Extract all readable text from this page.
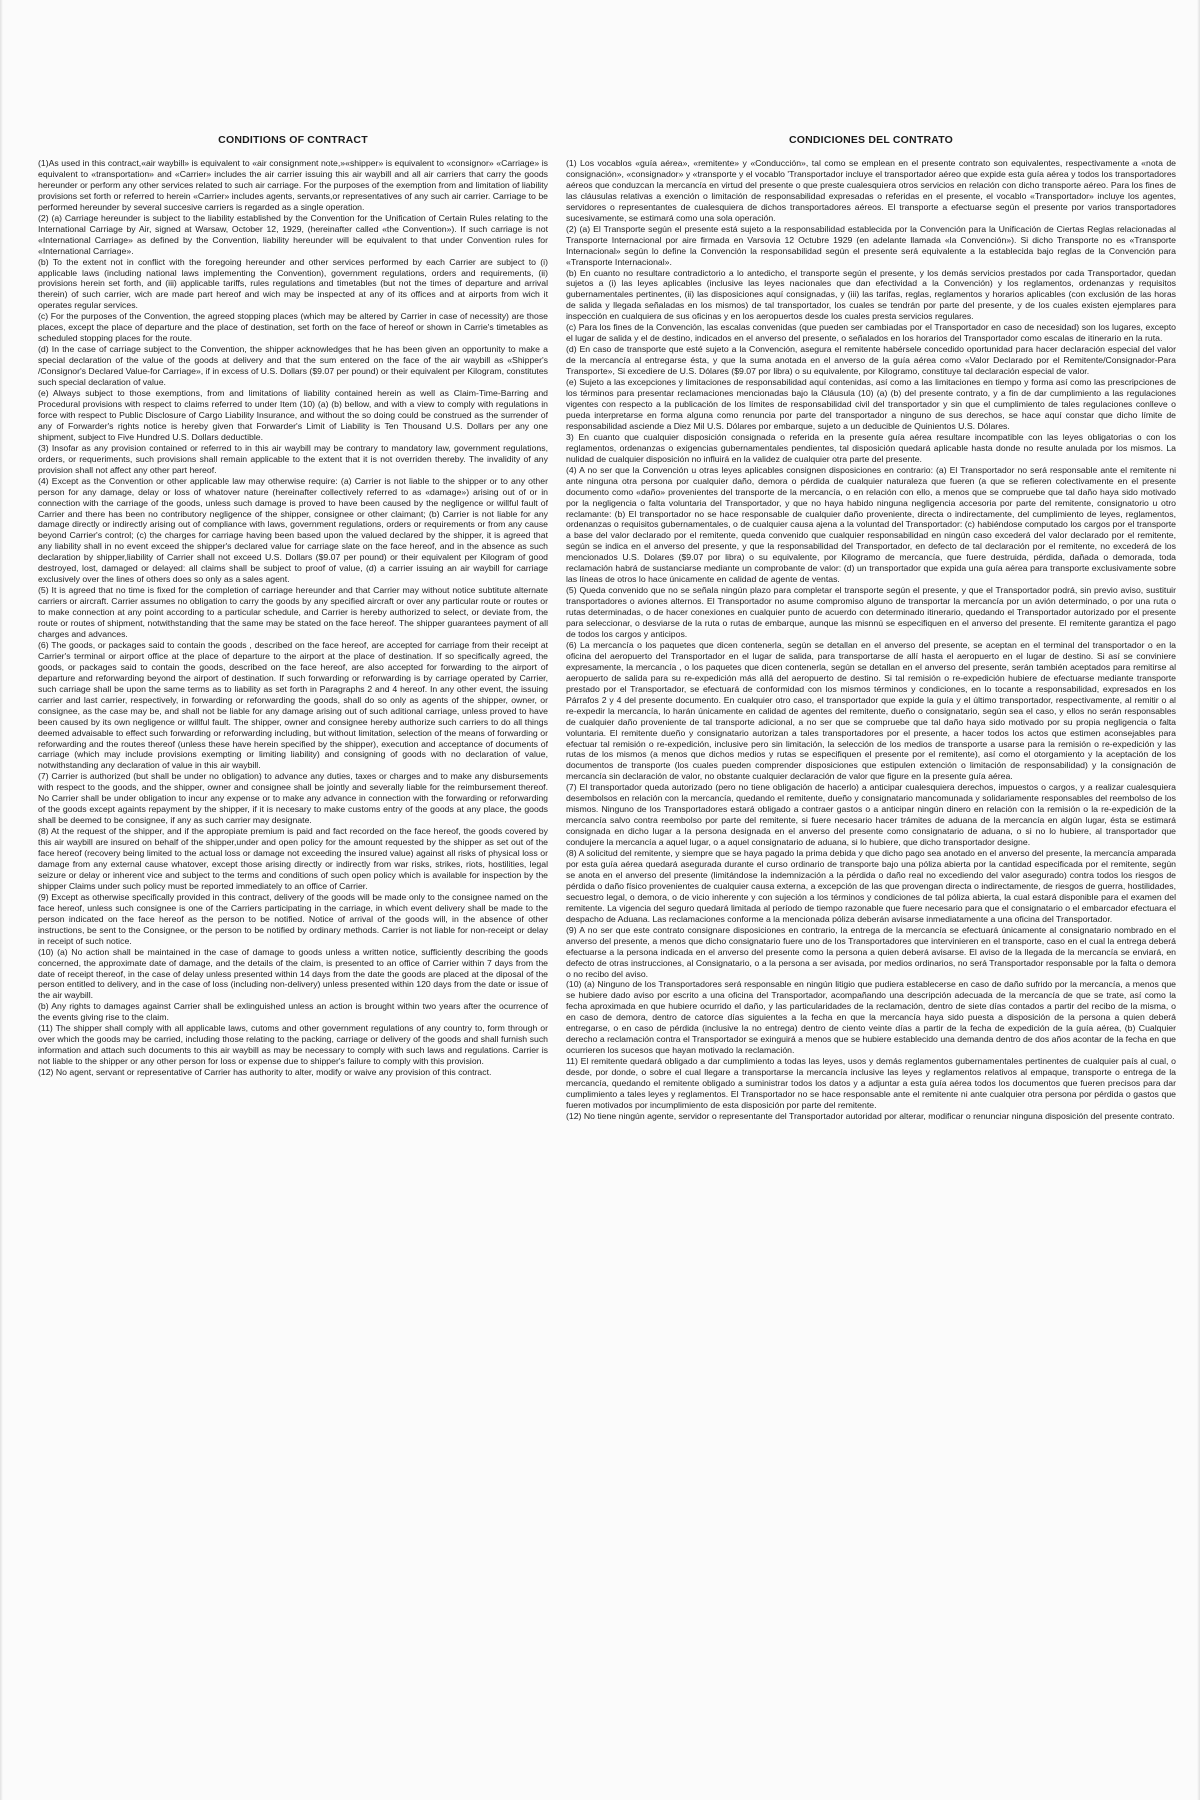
CONDITIONS OF CONTRACT

(1)As used in this contract,«air waybill» is equivalent to «air consignment note,»«shipper» is equivalent to «consignor» «Carriage» is equivalent to «transportation» and «Carrier» includes the air carrier issuing this air waybill and all air carriers that carry the goods hereunder or perform any other services related to such air carriage. For the purposes of the exemption from and limitation of liability provisions set forth or referred to herein «Carrier» includes agents, servants,or representatives of any such air carrier. Carriage to be performed hereunder by several succesive carriers is regarded as a single operation.

(2) (a) Carriage hereunder is subject to the liability established by the Convention for the Unification of Certain Rules relating to the International Carriage by Air, signed at Warsaw, October 12, 1929, (hereinafter called «the Convention»). If such carriage is not «International Carriage» as defined by the Convention, liability hereunder will be equivalent to that under Convention rules for «International Carriage».

(b) To the extent not in conflict with the foregoing hereunder and other services performed by each Carrier are subject to (i) applicable laws (including national laws implementing the Convention), government regulations, orders and requirements, (ii) provisions herein set forth, and (iii) applicable tariffs, rules regulations and timetables (but not the times of departure and arrival therein) of such carrier, wich are made part hereof and wich may be inspected at any of its offices and at airports from wich it operates regular services.

(c) For the purposes of the Convention, the agreed stopping places (which may be altered by Carrier in case of necessity) are those places, except the place of departure and the place of destination, set forth on the face of hereof or shown in Carrie's timetables as scheduled stopping places for the route.

(d) In the case of carriage subject to the Convention, the shipper acknowledges that he has been given an opportunity to make a special declaration of the value of the goods at delivery and that the sum entered on the face of the air waybill as «Shipper's /Consignor's Declared Value-for Carriage», if in excess of U.S. Dollars ($9.07 per pound) or their equivalent per Kilogram, constitutes such special declaration of value.

(e) Always subject to those exemptions, from and limitations of liability contained herein as well as Claim-Time-Barring and Procedural provisions with respect to claims referred to under Item (10) (a) (b) bellow, and with a view to comply with regulations in force with respect to Public Disclosure of Cargo Liability Insurance, and without the so doing could be construed as the surrender of any of Forwarder's rights notice is hereby given that Forwarder's Limit of Liability is Ten Thousand U.S. Dollars per any one shipment, subject to Five Hundred U.S. Dollars deductible.

(3) Insofar as any provision contained or referred to in this air waybill may be contrary to mandatory law, government regulations, orders, or requeriments, such provisions shall remain applicable to the extent that it is not overriden thereby. The invalidity of any provision shall not affect any other part hereof.

(4) Except as the Convention or other applicable law may otherwise require: (a) Carrier is not liable to the shipper or to any other person for any damage, delay or loss of whatover nature (hereinafter collectively referred to as «damage») arising out of or in connection with the carriage of the goods, unless such damage is proved to have been caused by the negligence or willful fault of Carrier and there has been no contributory negligence of the shipper, consignee or other claimant; (b) Carrier is not liable for any damage directly or indirectly arising out of compliance with laws, government regulations, orders or requirements or from any cause beyond Carrier's control; (c) the charges for carriage having been based upon the valued declared by the shipper, it is agreed that any liability shall in no event exceed the shipper's declared value for carriage slate on the face hereof, and in the absence as such declaration by shipper,liability of Carrier shall not exceed U.S. Dollars ($9.07 per pound) or their equivalent per Kilogram of good destroyed, lost, damaged or delayed: all claims shall be subject to proof of value, (d) a carrier issuing an air waybill for carriage exclusively over the lines of others does so only as a sales agent.

(5) It is agreed that no time is fixed for the completion of carriage hereunder and that Carrier may without notice subtitute alternate carriers or aircraft. Carrier assumes no obligation to carry the goods by any specified aircraft or over any particular route or routes or to make connection at any point according to a particular schedule, and Carrier is hereby authorized to select, or deviate from, the route or routes of shipment, notwithstanding that the same may be stated on the face hereof. The shipper guarantees payment of all charges and advances.

(6) The goods, or packages said to contain the goods , described on the face hereof, are accepted for carriage from their receipt at Carrier's terminal or airport office at the place of departure to the airport at the place of destination. If so specifically agreed, the goods, or packages said to contain the goods, described on the face hereof, are also accepted for forwarding to the airport of departure and reforwarding beyond the airport of destination. If such forwarding or reforwarding is by carriage operated by Carrier, such carriage shall be upon the same terms as to liability as set forth in Paragraphs 2 and 4 hereof. In any other event, the issuing carrier and last carrier, respectively, in forwarding or reforwarding the goods, shall do so only as agents of the shipper, owner, or consignee, as the case may be, and shall not be liable for any damage arising out of such aditional carriage, unless proved to have been caused by its own negligence or willful fault. The shipper, owner and consignee hereby authorize such carriers to do all things deemed advaisable to effect such forwarding or reforwarding including, but without limitation, selection of the means of forwarding or reforwarding and the routes thereof (unless these have herein specified by the shipper), execution and acceptance of documents of carriage (which may include provisions exempting or limiting liability) and consigning of goods with no declaration of value, notwithstanding any declaration of value in this air waybill.

(7) Carrier is authorized (but shall be under no obligation) to advance any duties, taxes or charges and to make any disbursements with respect to the goods, and the shipper, owner and consignee shall be jointly and severally liable for the reimbursement thereof. No Carrier shall be under obligation to incur any expense or to make any advance in connection with the forwarding or reforwarding of the goods except againts repayment by the shipper, if it is necesary to make customs entry of the goods at any place, the goods shall be deemed to be consignee, if any as such carrier may designate.

(8) At the request of the shipper, and if the appropiate premium is paid and fact recorded on the face hereof, the goods covered by this air waybill are insured on behalf of the shipper,under and open policy for the amount requested by the shipper as set out of the face hereof (recovery being limited to the actual loss or damage not exceeding the insured value) against all risks of physical loss or damage from any external cause whatover, except those arising directly or indirectly from war risks, strikes, riots, hostilities, legal seizure or delay or inherent vice and subject to the terms and conditions of such open policy which is available for inspection by the shipper Claims under such policy must be reported immediately to an office of Carrier.

(9) Except as otherwise specifically provided in this contract, delivery of the goods will be made only to the consignee named on the face hereof, unless such consignee is one of the Carriers participating in the carriage, in which event delivery shall be made to the person indicated on the face hereof as the person to be notified. Notice of arrival of the goods will, in the absence of other instructions, be sent to the Consignee, or the person to be notified by ordinary methods. Carrier is not liable for non-receipt or delay in receipt of such notice.

(10) (a) No action shall be maintained in the case of damage to goods unless a written notice, sufficiently describing the goods concerned, the approximate date of damage, and the details of the claim, is presented to an office of Carrier within 7 days from the date of receipt thereof, in the case of delay unless presented within 14 days from the date the goods are placed at the diposal of the person entitled to delivery, and in the case of loss (including non-delivery) unless presented within 120 days from the date or issue of the air waybill.

(b) Any rights to damages against Carrier shall be exlinguished unless an action is brought within two years after the ocurrence of the events giving rise to the claim.

(11) The shipper shall comply with all applicable laws, cutoms and other government regulations of any country to, form through or over which the goods may be carried, including those relating to the packing, carriage or delivery of the goods and shall furnish such information and attach such documents to this air waybill as may be necessary to comply with such laws and regulations. Carrier is not liable to the shipper or any other person for loss or expense due to shipper's failure to comply with this provision.

(12) No agent, servant or representative of Carrier has authority to alter, modify or waive any provision of this contract.

CONDICIONES DEL CONTRATO

(1) Los vocablos «guía aérea», «remitente» y «Conducción», tal como se emplean en el presente contrato son equivalentes, respectivamente a «nota de consignación», «consignador» y «transporte y el vocablo 'Transportador incluye el transportador aéreo que expide esta guía aérea y todos los transportadores aéreos que conduzcan la mercancía en virtud del presente o que preste cualesquiera otros servicios en relación con dicho transporte aéreo. Para los fines de las cláusulas relativas a exención o limitación de responsabilidad expresadas o referidas en el presente, el vocablo «Transportador» incluye los agentes, servidores o representantes de cualesquiera de dichos transportadores aéreos. El transporte a efectuarse según el presente por varios transportadores sucesivamente, se estimará como una sola operación.

(2) (a) El Transporte según el presente está sujeto a la responsabilidad establecida por la Convención para la Unificación de Ciertas Reglas relacionadas al Transporte Internacional por aire firmada en Varsovia 12 Octubre 1929 (en adelante llamada «la Convención»). Si dicho Transporte no es «Transporte Internacional» según lo define la Convención la responsabilidad según el presente será equivalente a la establecida bajo reglas de la Convención para «Transporte Internacional».

(b) En cuanto no resultare contradictorio a lo antedicho, el transporte según el presente, y los demás servicios prestados por cada Transportador, quedan sujetos a (i) las leyes aplicables (inclusive las leyes nacionales que dan efectividad a la Convención) y los reglamentos, ordenanzas y requisitos gubernamentales pertinentes, (ii) las disposiciones aquí consignadas, y (iii) las tarifas, reglas, reglamentos y horarios aplicables (con exclusión de las horas de salida y llegada señaladas en los mismos) de tal transportador, los cuales se tendrán por parte del presente, y de los cuales existen ejemplares para inspección en cualquiera de sus oficinas y en los aeropuertos desde los cuales presta servicios regulares.

(c) Para los fines de la Convención, las escalas convenidas (que pueden ser cambiadas por el Transportador en caso de necesidad) son los lugares, excepto el lugar de salida y el de destino, indicados en el anverso del presente, o señalados en los horarios del Transportador como escalas de itinerario en la ruta.

(d) En caso de transporte que esté sujeto a la Convención, asegura el remitente habérsele concedido oportunidad para hacer declaración especial del valor de la mercancía al entregarse ésta, y que la suma anotada en el anverso de la guía aérea como «Valor Declarado por el Remitente/Consignador-Para Transporte», Si excediere de U.S. Dólares ($9.07 por libra) o su equivalente, por Kilogramo, constituye tal declaración especial de valor.

(e) Sujeto a las excepciones y limitaciones de responsabilidad aquí contenidas, así como a las limitaciones en tiempo y forma así como las prescripciones de los términos para presentar reclamaciones mencionadas bajo la Cláusula (10) (a) (b) del presente contrato, y a fin de dar cumplimiento a las regulaciones vigentes con respecto a la publicación de los límites de responsabilidad civil del transportador y sin que el cumplimiento de tales regulaciones conlleve o pueda interpretarse en forma alguna como renuncia por parte del transportador a ninguno de sus derechos, se hace aquí constar que dicho límite de responsabilidad asciende a Diez Mil U.S. Dólares por embarque, sujeto a un deducible de Quinientos U.S. Dólares.

3) En cuanto que cualquier disposición consignada o referida en la presente guía aérea resultare incompatible con las leyes obligatorias o con los reglamentos, ordenanzas o exigencias gubernamentales pendientes, tal disposición quedará aplicable hasta donde no resulte anulada por los mismos. La nulidad de cualquier disposición no influirá en la validez de cualquier otra parte del presente.

(4) A no ser que la Convención u otras leyes aplicables consignen disposiciones en contrario: (a) El Transportador no será responsable ante el remitente ni ante ninguna otra persona por cualquier daño, demora o pérdida de cualquier naturaleza que fueren (a que se refieren colectivamente en el presente documento como «daño» provenientes del transporte de la mercancía, o en relación con ello, a menos que se compruebe que tal daño haya sido motivado por la negligencia o falta voluntaria del Transportador, y que no haya habido ninguna negligencia accesoria por parte del remitente, consignatorio u otro reclamante: (b) El transportador no se hace responsable de cualquier daño proveniente, directa o indirectamente, del cumplimiento de leyes, reglamentos, ordenanzas o requisitos gubernamentales, o de cualquier causa ajena a la voluntad del Transportador: (c) habiéndose computado los cargos por el transporte a base del valor declarado por el remitente, queda convenido que cualquier responsabilidad en ningún caso excederá del valor declarado por el remitente, según se indica en el anverso del presente, y que la responsabilidad del Transportador, en defecto de tal declaración por el remitente, no excederá de los mencionados U.S. Dolares ($9.07 por libra) o su equivalente, por Kilogramo de mercancía, que fuere destruida, pérdida, dañada o demorada, toda reclamación habrá de sustanciarse mediante un comprobante de valor: (d) un transportador que expida una guía aérea para transporte exclusivamente sobre las líneas de otros lo hace únicamente en calidad de agente de ventas.

(5) Queda convenido que no se señala ningún plazo para completar el transporte según el presente, y que el Transportador podrá, sin previo aviso, sustituir transportadores o aviones alternos. El Transportador no asume compromiso alguno de transportar la mercancía por un avión determinado, o por una ruta o rutas determinadas, o de hacer conexiones en cualquier punto de acuerdo con determinado itinerario, quedando el Transportador autorizado por el presente para seleccionar, o desviarse de la ruta o rutas de embarque, aunque las misnnú se especifiquen en el anverso del presente. El remitente garantiza el pago de todos los cargos y anticipos.

(6) La mercancía o los paquetes que dicen contenerla, según se detallan en el anverso del presente, se aceptan en el terminal del transportador o en la oficina del aeropuerto del Transportador en el lugar de salida, para transportarse de allí hasta el aeropuerto en el lugar de destino. Si así se conviniere expresamente, la mercancía , o los paquetes que dicen contenerla, según se detallan en el anverso del presente, serán también aceptados para remitirse al aeropuerto de salida para su re-expedición más allá del aeropuerto de destino. Si tal remisión o re-expedición hubiere de efectuarse mediante transporte prestado por el Transportador, se efectuará de conformidad con los mismos términos y condiciones, en lo tocante a responsabilidad, expresados en los Párrafos 2 y 4 del presente documento. En cualquier otro caso, el transportador que expide la guía y el último transportador, respectivamente, al remitir o al re-expedir la mercancía, lo harán únicamente en calidad de agentes del remitente, dueño o consignatario, según sea el caso, y ellos no serán responsables de cualquier daño proveniente de tal transporte adicional, a no ser que se compruebe que tal daño haya sido motivado por su propia negligencia o falta voluntaria. El remitente dueño y consignatario autorizan a tales transportadores por el presente, a hacer todos los actos que estimen aconsejables para efectuar tal remisión o re-expedición, inclusive pero sin limitación, la selección de los medios de transporte a usarse para la remisión o re-expedición y las rutas de los mismos (a menos que dichos medios y rutas se especifiquen el presente por el remitente), así como el otorgamiento y la aceptación de los documentos de transporte (los cuales pueden comprender disposiciones que estipulen extención o limitación de responsabilidad) y la consignación de mercancía sin declaración de valor, no obstante cualquier declaración de valor que figure en la presente guía aérea.

(7) El transportador queda autorizado (pero no tiene obligación de hacerlo) a anticipar cualesquiera derechos, impuestos o cargos, y a realizar cualesquiera desembolsos en relación con la mercancía, quedando el remitente, dueño y consignatario mancomunada y solidariamente responsables del reembolso de los mismos. Ninguno de los Transportadores estará obligado a contraer gastos o a anticipar ningún dinero en relación con la remisión o la re-expedición de la mercancía salvo contra reembolso por parte del remitente, si fuere necesario hacer trámites de aduana de la mercancía en algún lugar, ésta se estimará consignada en dicho lugar a la persona designada en el anverso del presente como consignatario de aduana, o si no lo hubiere, al transportador que condujere la mercancía a aquel lugar, o a aquel consignatario de aduana, si lo hubiere, que dicho transportador designe.

(8) A solicitud del remitente, y siempre que se haya pagado la prima debida y que dicho pago sea anotado en el anverso del presente, la mercancía amparada por esta guía aérea quedará asegurada durante el curso ordinario de transporte bajo una póliza abierta por la cantidad especificada por el remitente, según se anota en el anverso del presente (limitándose la indemnización a la pérdida o daño real no excediendo del valor asegurado) contra todos los riesgos de pérdida o daño físico provenientes de cualquier causa externa, a excepción de las que provengan directa o indirectamente, de riesgos de guerra, hostilidades, secuestro legal, o demora, o de vicio inherente y con sujeción a los términos y condiciones de tal póliza abierta, la cual estará disponible para el examen del remitente. La vigencia del seguro quedará limitada al período de tiempo razonable que fuere necesario para que el consignatario o el embarcador efectuara el despacho de Aduana. Las reclamaciones conforme a la mencionada póliza deberán avisarse inmediatamente a una oficina del Transportador.

(9) A no ser que este contrato consignare disposiciones en contrario, la entrega de la mercancía se efectuará únicamente al consignatario nombrado en el anverso del presente, a menos que dicho consignatario fuere uno de los Transportadores que intervinieren en el transporte, caso en el cual la entrega deberá efectuarse a la persona indicada en el anverso del presente como la persona a quien deberá avisarse. El aviso de la llegada de la mercancía se enviará, en defecto de otras instrucciones, al Consignatario, o a la persona a ser avisada, por medios ordinarios, no será Transportador responsable por la falta o demora o no recibo del aviso.

(10) (a) Ninguno de los Transportadores será responsable en ningún litigio que pudiera establecerse en caso de daño sufrido por la mercancía, a menos que se hubiere dado aviso por escrito a una oficina del Transportador, acompañando una descripción adecuada de la mercancía de que se trate, así como la fecha aproximada en que hubiere ocurrido el daño, y las particularidades de la reclamación, dentro de siete días contados a partir del recibo de la misma, o en caso de demora, dentro de catorce días siguientes a la fecha en que la mercancía haya sido puesta a disposición de la persona a quien deberá entregarse, o en caso de pérdida (inclusive la no entrega) dentro de ciento veinte días a partir de la fecha de expedición de la guía aérea, (b) Cualquier derecho a reclamación contra el Transportador se exinguirá a menos que se hubiere establecido una demanda dentro de dos años acontar de la fecha en que ocurrieren los sucesos que hayan motivado la reclamación.

11) El remitente quedará obligado a dar cumplimiento a todas las leyes, usos y demás reglamentos gubernamentales pertinentes de cualquier país al cual, o desde, por donde, o sobre el cual llegare a transportarse la mercancía inclusive las leyes y reglamentos relativos al empaque, transporte o entrega de la mercancía, quedando el remitente obligado a suministrar todos los datos y a adjuntar a esta guía aérea todos los documentos que fueren precisos para dar cumplimiento a tales leyes y reglamentos. El Transportador no se hace responsable ante el remitente ni ante cualquier otra persona por pérdida o gastos que fueren motivados por incumplimiento de esta disposición por parte del remitente.

(12) No tiene ningún agente, servidor o representante del Transportador autoridad por alterar, modificar o renunciar ninguna disposición del presente contrato.
